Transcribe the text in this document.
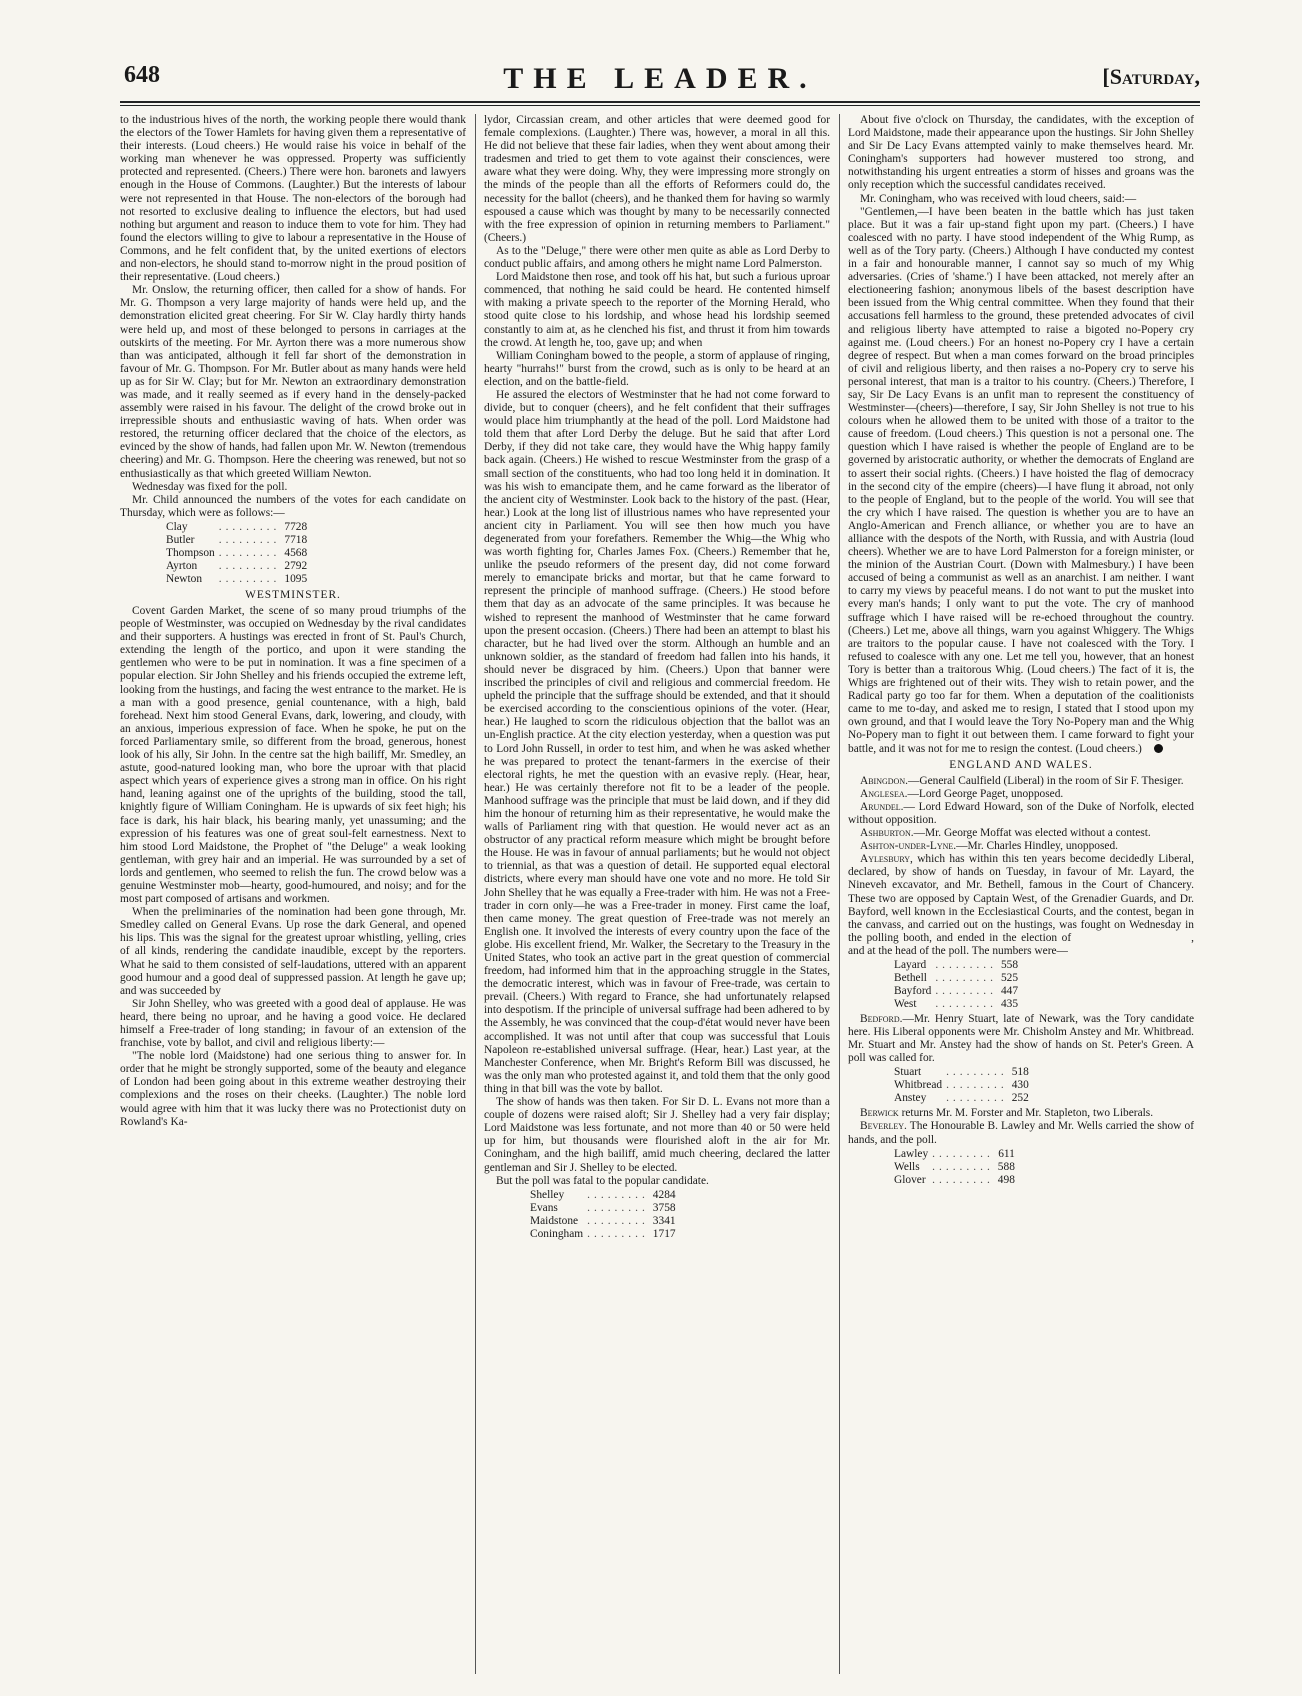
648	THE LEADER.	[Saturday,

to the industrious hives of the north, the working people there would thank the electors of the Tower Hamlets for having given them a representative of their interests. (Loud cheers.) He would raise his voice in behalf of the working man whenever he was oppressed. Property was sufficiently protected and represented. (Cheers.) There were hon. baronets and lawyers enough in the House of Commons. (Laughter.) But the interests of labour were not represented in that House. The non-electors of the borough had not resorted to exclusive dealing to influence the electors, but had used nothing but argument and reason to induce them to vote for him. They had found the electors willing to give to labour a representative in the House of Commons, and he felt confident that, by the united exertions of electors and non-electors, he should stand to-morrow night in the proud position of their representative. (Loud cheers.)

Mr. Onslow, the returning officer, then called for a show of hands. For Mr. G. Thompson a very large majority of hands were held up, and the demonstration elicited great cheering. For Sir W. Clay hardly thirty hands were held up, and most of these belonged to persons in carriages at the outskirts of the meeting. For Mr. Ayrton there was a more numerous show than was anticipated, although it fell far short of the demonstration in favour of Mr. G. Thompson. For Mr. Butler about as many hands were held up as for Sir W. Clay; but for Mr. Newton an extraordinary demonstration was made, and it really seemed as if every hand in the densely-packed assembly were raised in his favour. The delight of the crowd broke out in irrepressible shouts and enthusiastic waving of hats. When order was restored, the returning officer declared that the choice of the electors, as evinced by the show of hands, had fallen upon Mr. W. Newton (tremendous cheering) and Mr. G. Thompson. Here the cheering was renewed, but not so enthusiastically as that which greeted William Newton.

Wednesday was fixed for the poll.

Mr. Child announced the numbers of the votes for each candidate on Thursday, which were as follows:—

Clay	.........	7728
Butler	.........	7718
Thompson	.........	4568
Ayrton	.........	2792
Newton	.........	1095
WESTMINSTER.

Covent Garden Market, the scene of so many proud triumphs of the people of Westminster, was occupied on Wednesday by the rival candidates and their supporters. A hustings was erected in front of St. Paul's Church, extending the length of the portico, and upon it were standing the gentlemen who were to be put in nomination. It was a fine specimen of a popular election. Sir John Shelley and his friends occupied the extreme left, looking from the hustings, and facing the west entrance to the market. He is a man with a good presence, genial countenance, with a high, bald forehead. Next him stood General Evans, dark, lowering, and cloudy, with an anxious, imperious expression of face. When he spoke, he put on the forced Parliamentary smile, so different from the broad, generous, honest look of his ally, Sir John. In the centre sat the high bailiff, Mr. Smedley, an astute, good-natured looking man, who bore the uproar with that placid aspect which years of experience gives a strong man in office. On his right hand, leaning against one of the uprights of the building, stood the tall, knightly figure of William Coningham. He is upwards of six feet high; his face is dark, his hair black, his bearing manly, yet unassuming; and the expression of his features was one of great soul-felt earnestness. Next to him stood Lord Maidstone, the Prophet of "the Deluge" a weak looking gentleman, with grey hair and an imperial. He was surrounded by a set of lords and gentlemen, who seemed to relish the fun. The crowd below was a genuine Westminster mob—hearty, good-humoured, and noisy; and for the most part composed of artisans and workmen.

When the preliminaries of the nomination had been gone through, Mr. Smedley called on General Evans. Up rose the dark General, and opened his lips. This was the signal for the greatest uproar whistling, yelling, cries of all kinds, rendering the candidate inaudible, except by the reporters. What he said to them consisted of self-laudations, uttered with an apparent good humour and a good deal of suppressed passion. At length he gave up; and was succeeded by

Sir John Shelley, who was greeted with a good deal of applause. He was heard, there being no uproar, and he having a good voice. He declared himself a Free-trader of long standing; in favour of an extension of the franchise, vote by ballot, and civil and religious liberty:—

"The noble lord (Maidstone) had one serious thing to answer for. In order that he might be strongly supported, some of the beauty and elegance of London had been going about in this extreme weather destroying their complexions and the roses on their cheeks. (Laughter.) The noble lord would agree with him that it was lucky there was no Protectionist duty on Rowland's Ka-

lydor, Circassian cream, and other articles that were deemed good for female complexions. (Laughter.) There was, however, a moral in all this. He did not believe that these fair ladies, when they went about among their tradesmen and tried to get them to vote against their consciences, were aware what they were doing. Why, they were impressing more strongly on the minds of the people than all the efforts of Reformers could do, the necessity for the ballot (cheers), and he thanked them for having so warmly espoused a cause which was thought by many to be necessarily connected with the free expression of opinion in returning members to Parliament." (Cheers.)

As to the "Deluge," there were other men quite as able as Lord Derby to conduct public affairs, and among others he might name Lord Palmerston.

Lord Maidstone then rose, and took off his hat, but such a furious uproar commenced, that nothing he said could be heard. He contented himself with making a private speech to the reporter of the Morning Herald, who stood quite close to his lordship, and whose head his lordship seemed constantly to aim at, as he clenched his fist, and thrust it from him towards the crowd. At length he, too, gave up; and when

William Coningham bowed to the people, a storm of applause of ringing, hearty "hurrahs!" burst from the crowd, such as is only to be heard at an election, and on the battle-field.

He assured the electors of Westminster that he had not come forward to divide, but to conquer (cheers), and he felt confident that their suffrages would place him triumphantly at the head of the poll. Lord Maidstone had told them that after Lord Derby the deluge. But he said that after Lord Derby, if they did not take care, they would have the Whig happy family back again. (Cheers.) He wished to rescue Westminster from the grasp of a small section of the constituents, who had too long held it in domination. It was his wish to emancipate them, and he came forward as the liberator of the ancient city of Westminster. Look back to the history of the past. (Hear, hear.) Look at the long list of illustrious names who have represented your ancient city in Parliament. You will see then how much you have degenerated from your forefathers. Remember the Whig—the Whig who was worth fighting for, Charles James Fox. (Cheers.) Remember that he, unlike the pseudo reformers of the present day, did not come forward merely to emancipate bricks and mortar, but that he came forward to represent the principle of manhood suffrage. (Cheers.) He stood before them that day as an advocate of the same principles. It was because he wished to represent the manhood of Westminster that he came forward upon the present occasion. (Cheers.) There had been an attempt to blast his character, but he had lived over the storm. Although an humble and an unknown soldier, as the standard of freedom had fallen into his hands, it should never be disgraced by him. (Cheers.) Upon that banner were inscribed the principles of civil and religious and commercial freedom. He upheld the principle that the suffrage should be extended, and that it should be exercised according to the conscientious opinions of the voter. (Hear, hear.) He laughed to scorn the ridiculous objection that the ballot was an un-English practice. At the city election yesterday, when a question was put to Lord John Russell, in order to test him, and when he was asked whether he was prepared to protect the tenant-farmers in the exercise of their electoral rights, he met the question with an evasive reply. (Hear, hear, hear.) He was certainly therefore not fit to be a leader of the people. Manhood suffrage was the principle that must be laid down, and if they did him the honour of returning him as their representative, he would make the walls of Parliament ring with that question. He would never act as an obstructor of any practical reform measure which might be brought before the House. He was in favour of annual parliaments; but he would not object to triennial, as that was a question of detail. He supported equal electoral districts, where every man should have one vote and no more. He told Sir John Shelley that he was equally a Free-trader with him. He was not a Free-trader in corn only—he was a Free-trader in money. First came the loaf, then came money. The great question of Free-trade was not merely an English one. It involved the interests of every country upon the face of the globe. His excellent friend, Mr. Walker, the Secretary to the Treasury in the United States, who took an active part in the great question of commercial freedom, had informed him that in the approaching struggle in the States, the democratic interest, which was in favour of Free-trade, was certain to prevail. (Cheers.) With regard to France, she had unfortunately relapsed into despotism. If the principle of universal suffrage had been adhered to by the Assembly, he was convinced that the coup-d'état would never have been accomplished. It was not until after that coup was successful that Louis Napoleon re-established universal suffrage. (Hear, hear.) Last year, at the Manchester Conference, when Mr. Bright's Reform Bill was discussed, he was the only man who protested against it, and told them that the only good thing in that bill was the vote by ballot.

The show of hands was then taken. For Sir D. L. Evans not more than a couple of dozens were raised aloft; Sir J. Shelley had a very fair display; Lord Maidstone was less fortunate, and not more than 40 or 50 were held up for him, but thousands were flourished aloft in the air for Mr. Coningham, and the high bailiff, amid much cheering, declared the latter gentleman and Sir J. Shelley to be elected.

But the poll was fatal to the popular candidate.

Shelley	.........	4284
Evans	.........	3758
Maidstone	.........	3341
Coningham	.........	1717

About five o'clock on Thursday, the candidates, with the exception of Lord Maidstone, made their appearance upon the hustings. Sir John Shelley and Sir De Lacy Evans attempted vainly to make themselves heard. Mr. Coningham's supporters had however mustered too strong, and notwithstanding his urgent entreaties a storm of hisses and groans was the only reception which the successful candidates received.

Mr. Coningham, who was received with loud cheers, said:—

"Gentlemen,—I have been beaten in the battle which has just taken place. But it was a fair up-stand fight upon my part. (Cheers.) I have coalesced with no party. I have stood independent of the Whig Rump, as well as of the Tory party. (Cheers.) Although I have conducted my contest in a fair and honourable manner, I cannot say so much of my Whig adversaries. (Cries of 'shame.') I have been attacked, not merely after an electioneering fashion; anonymous libels of the basest description have been issued from the Whig central committee. When they found that their accusations fell harmless to the ground, these pretended advocates of civil and religious liberty have attempted to raise a bigoted no-Popery cry against me. (Loud cheers.) For an honest no-Popery cry I have a certain degree of respect. But when a man comes forward on the broad principles of civil and religious liberty, and then raises a no-Popery cry to serve his personal interest, that man is a traitor to his country. (Cheers.) Therefore, I say, Sir De Lacy Evans is an unfit man to represent the constituency of Westminster—(cheers)—therefore, I say, Sir John Shelley is not true to his colours when he allowed them to be united with those of a traitor to the cause of freedom. (Loud cheers.) This question is not a personal one. The question which I have raised is whether the people of England are to be governed by aristocratic authority, or whether the democrats of England are to assert their social rights. (Cheers.) I have hoisted the flag of democracy in the second city of the empire (cheers)—I have flung it abroad, not only to the people of England, but to the people of the world. You will see that the cry which I have raised. The question is whether you are to have an Anglo-American and French alliance, or whether you are to have an alliance with the despots of the North, with Russia, and with Austria (loud cheers). Whether we are to have Lord Palmerston for a foreign minister, or the minion of the Austrian Court. (Down with Malmesbury.) I have been accused of being a communist as well as an anarchist. I am neither. I want to carry my views by peaceful means. I do not want to put the musket into every man's hands; I only want to put the vote. The cry of manhood suffrage which I have raised will be re-echoed throughout the country. (Cheers.) Let me, above all things, warn you against Whiggery. The Whigs are traitors to the popular cause. I have not coalesced with the Tory. I refused to coalesce with any one. Let me tell you, however, that an honest Tory is better than a traitorous Whig. (Loud cheers.) The fact of it is, the Whigs are frightened out of their wits. They wish to retain power, and the Radical party go too far for them. When a deputation of the coalitionists came to me to-day, and asked me to resign, I stated that I stood upon my own ground, and that I would leave the Tory No-Popery man and the Whig No-Popery man to fight it out between them. I came forward to fight your battle, and it was not for me to resign the contest. (Loud cheers.)

ENGLAND AND WALES.

Abingdon.—General Caulfield (Liberal) in the room of Sir F. Thesiger.

Anglesea.—Lord George Paget, unopposed.

Arundel.— Lord Edward Howard, son of the Duke of Norfolk, elected without opposition.

Ashburton.—Mr. George Moffat was elected without a contest.

Ashton-under-Lyne.—Mr. Charles Hindley, unopposed.

Aylesbury, which has within this ten years become decidedly Liberal, declared, by show of hands on Tuesday, in favour of Mr. Layard, the Nineveh excavator, and Mr. Bethell, famous in the Court of Chancery. These two are opposed by Captain West, of the Grenadier Guards, and Dr. Bayford, well known in the Ecclesiastical Courts, and the contest, began in the canvass, and carried out on the hustings, was fought on Wednesday in the polling booth, and ended in the election of	, and at the head of the poll. The numbers were—

Layard	.........	558
Bethell	.........	525
Bayford	.........	447
West	.........	435

Bedford.—Mr. Henry Stuart, late of Newark, was the Tory candidate here. His Liberal opponents were Mr. Chisholm Anstey and Mr. Whitbread. Mr. Stuart and Mr. Anstey had the show of hands on St. Peter's Green. A poll was called for.

Stuart	.........	518
Whitbread	.........	430
Anstey	.........	252

Berwick returns Mr. M. Forster and Mr. Stapleton, two Liberals.

Beverley. The Honourable B. Lawley and Mr. Wells carried the show of hands, and the poll.

Lawley	.........	611
Wells	.........	588
Glover	.........	498
